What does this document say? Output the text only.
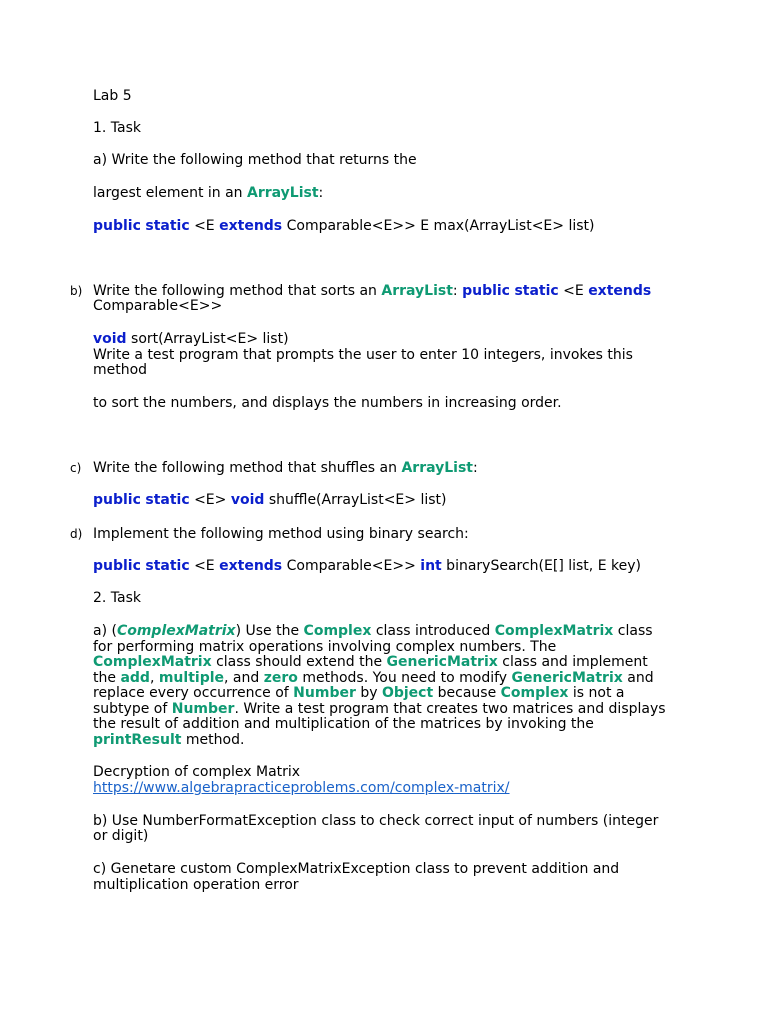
Lab 5
1. Task
a) Write the following method that returns the
largest element in an ArrayList:
public static <E extends Comparable<E>> E max(ArrayList<E> list)
b) Write the following method that sorts an ArrayList: public static <E extends
Comparable<E>>
void sort(ArrayList<E> list)
Write a test program that prompts the user to enter 10 integers, invokes this
method
to sort the numbers, and displays the numbers in increasing order.
c) Write the following method that shuffles an ArrayList:
public static <E> void shuffle(ArrayList<E> list)
d) Implement the following method using binary search:
public static <E extends Comparable<E>> int binarySearch(E[] list, E key)
2. Task
a) (ComplexMatrix) Use the Complex class introduced ComplexMatrix class
for performing matrix operations involving complex numbers. The
ComplexMatrix class should extend the GenericMatrix class and implement
the add, multiple, and zero methods. You need to modify GenericMatrix and
replace every occurrence of Number by Object because Complex is not a
subtype of Number. Write a test program that creates two matrices and displays
the result of addition and multiplication of the matrices by invoking the
printResult method.
Decryption of complex Matrix
https://www.algebrapracticeproblems.com/complex-matrix/
b) Use NumberFormatException class to check correct input of numbers (integer
or digit)
c) Genetare custom ComplexMatrixException class to prevent addition and
multiplication operation error
